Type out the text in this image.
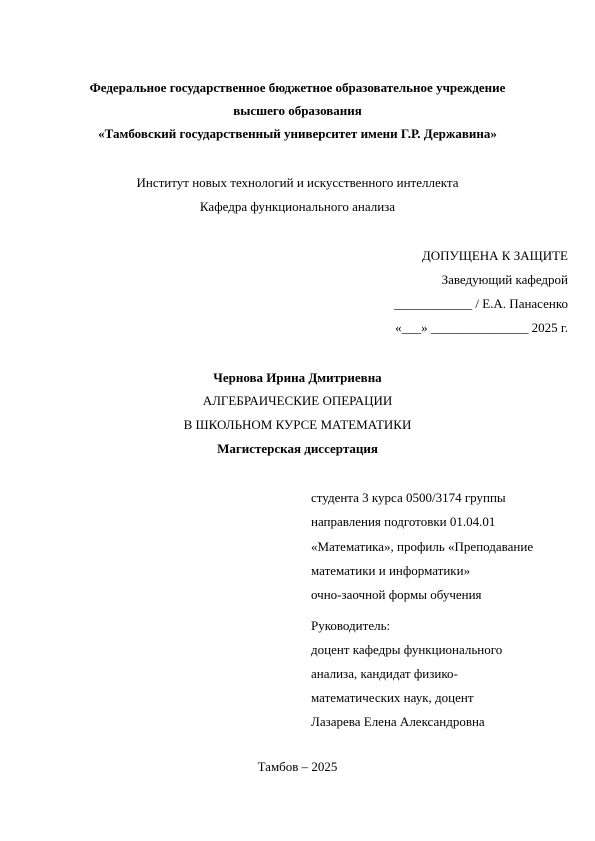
Федеральное государственное бюджетное образовательное учреждение
высшего образования
«Тамбовский государственный университет имени Г.Р. Державина»
Институт новых технологий и искусственного интеллекта
Кафедра функционального анализа
ДОПУЩЕНА К ЗАЩИТЕ
Заведующий кафедрой
____________ / Е.А. Панасенко
«___» _______________ 2025 г.
Чернова Ирина Дмитриевна
АЛГЕБРАИЧЕСКИЕ ОПЕРАЦИИ
В ШКОЛЬНОМ КУРСЕ МАТЕМАТИКИ
Магистерская диссертация
студента 3 курса 0500/3174 группы
направления подготовки 01.04.01
«Математика», профиль «Преподавание
математики и информатики»
очно-заочной формы обучения
Руководитель:
доцент кафедры функционального
анализа, кандидат физико-
математических наук, доцент
Лазарева Елена Александровна
Тамбов – 2025
